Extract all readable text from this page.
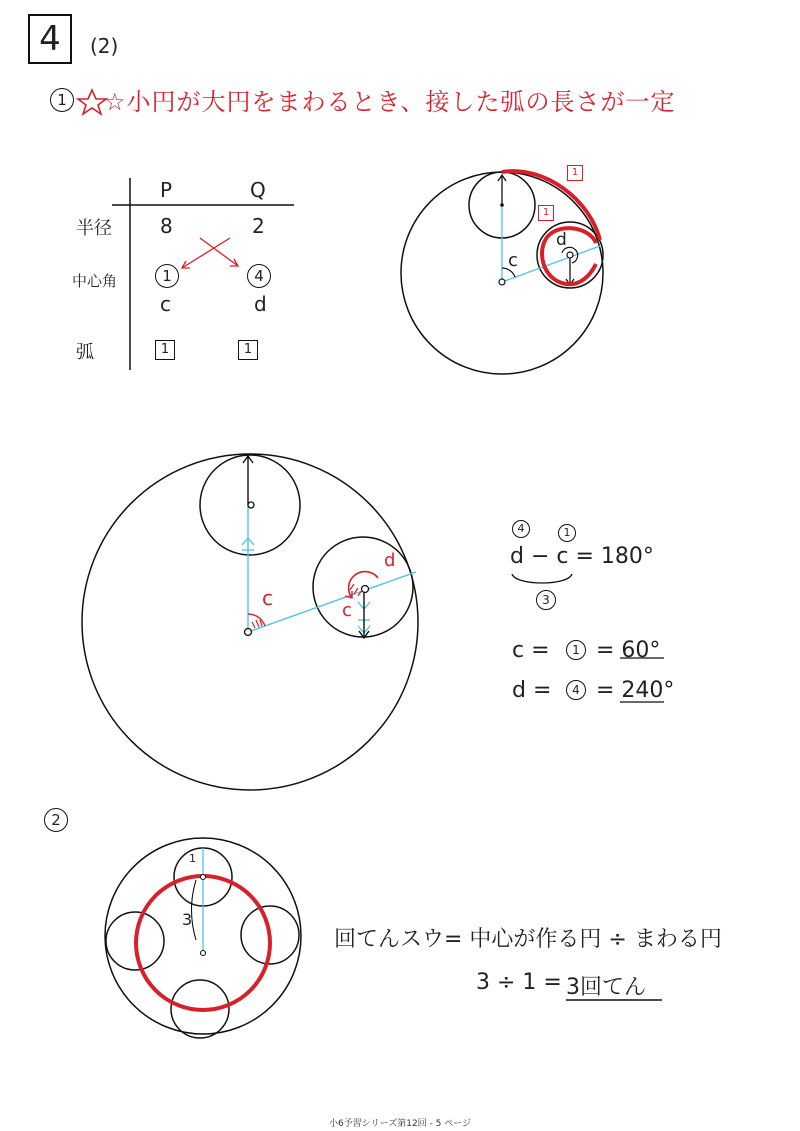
4	(2)
1	☆小円が大円をまわるとき、接した弧の長さが一定
P	Q
半径 8	2
中心角	1	4
c	d
弧	1	1
c
d
1
1
c
c
d
4	1
d − c = 180°
3
c =	1 = 60°
d =	4 = 240°
2
1
3
回てんスウ= 中心が作る円 ÷ まわる円
3 ÷ 1 = 3回てん
小6予習シリーズ第12回 - 5 ページ
